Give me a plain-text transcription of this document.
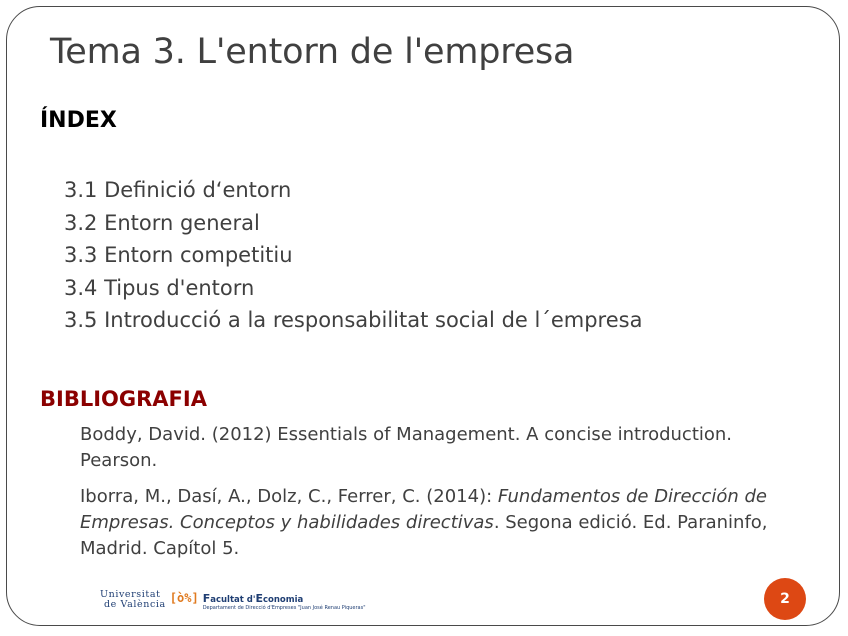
Tema 3. L'entorn de l'empresa
ÍNDEX
3.1 Definició d‘entorn
3.2 Entorn general
3.3 Entorn competitiu
3.4 Tipus d'entorn
3.5 Introducció a la responsabilitat social de l´empresa
BIBLIOGRAFIA
Boddy, David. (2012) Essentials of Management. A concise introduction. Pearson.
Iborra, M., Dasí, A., Dolz, C., Ferrer, C. (2014): Fundamentos de Dirección de Empresas. Conceptos y habilidades directivas. Segona edició. Ed. Paraninfo, Madrid. Capítol 5.
Universitat
de València [ò%] Facultat d'Economia
Departament de Direcció d'Empreses "Juan José Renau Piqueras"
2
